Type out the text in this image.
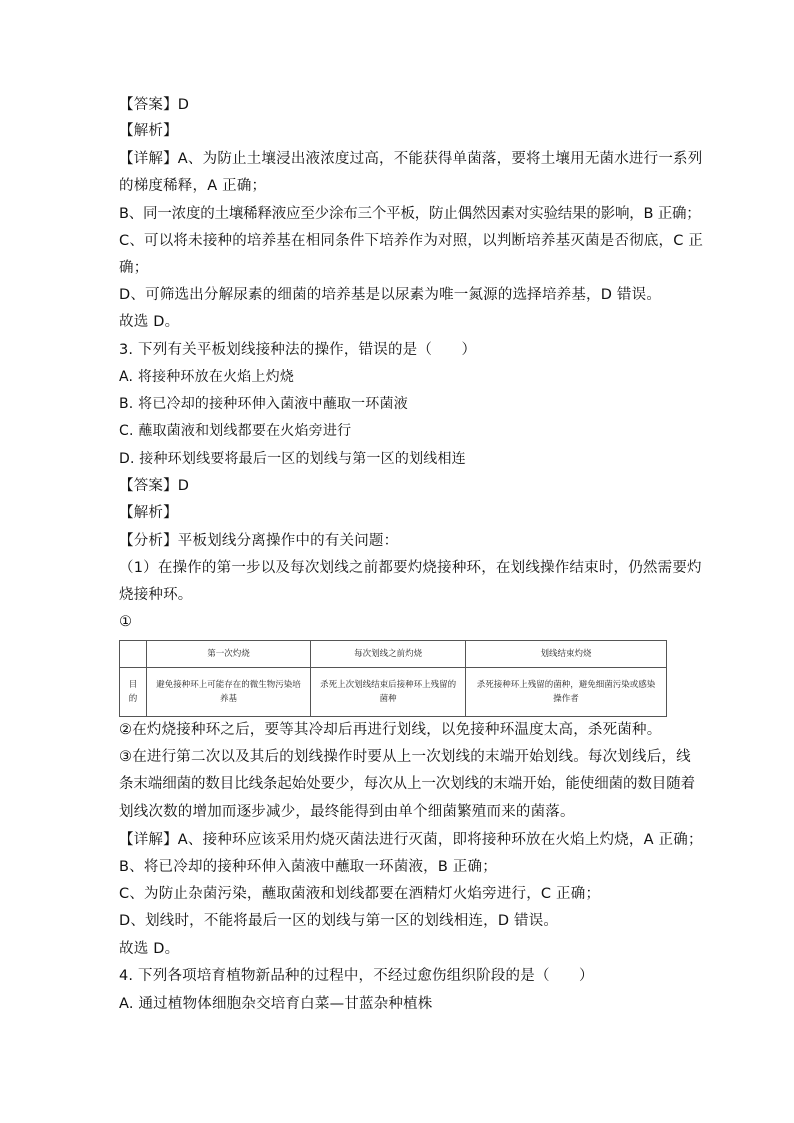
【答案】D
【解析】
【详解】A、为防止土壤浸出液浓度过高，不能获得单菌落，要将土壤用无菌水进行一系列
的梯度稀释，A 正确；
B、同一浓度的土壤稀释液应至少涂布三个平板，防止偶然因素对实验结果的影响，B 正确；
C、可以将未接种的培养基在相同条件下培养作为对照，以判断培养基灭菌是否彻底，C 正
确；
D、可筛选出分解尿素的细菌的培养基是以尿素为唯一氮源的选择培养基，D 错误。
故选 D。
3. 下列有关平板划线接种法的操作，错误的是（　　）
A. 将接种环放在火焰上灼烧
B. 将已冷却的接种环伸入菌液中蘸取一环菌液
C. 蘸取菌液和划线都要在火焰旁进行
D. 接种环划线要将最后一区的划线与第一区的划线相连
【答案】D
【解析】
【分析】平板划线分离操作中的有关问题：
（1）在操作的第一步以及每次划线之前都要灼烧接种环，在划线操作结束时，仍然需要灼
烧接种环。
①
	第一次灼烧	每次划线之前灼烧	划线结束灼烧
目
的	避免接种环上可能存在的微生物污染培
养基	杀死上次划线结束后接种环上残留的
菌种	杀死接种环上残留的菌种，避免细菌污染或感染
操作者
②在灼烧接种环之后，要等其冷却后再进行划线，以免接种环温度太高，杀死菌种。
③在进行第二次以及其后的划线操作时要从上一次划线的末端开始划线。每次划线后，线
条末端细菌的数目比线条起始处要少，每次从上一次划线的末端开始，能使细菌的数目随着
划线次数的增加而逐步减少，最终能得到由单个细菌繁殖而来的菌落。
【详解】A、接种环应该采用灼烧灭菌法进行灭菌，即将接种环放在火焰上灼烧，A 正确；
B、将已冷却的接种环伸入菌液中蘸取一环菌液，B 正确；
C、为防止杂菌污染，蘸取菌液和划线都要在酒精灯火焰旁进行，C 正确；
D、划线时，不能将最后一区的划线与第一区的划线相连，D 错误。
故选 D。
4. 下列各项培育植物新品种的过程中，不经过愈伤组织阶段的是（　　）
A. 通过植物体细胞杂交培育白菜—甘蓝杂种植株
